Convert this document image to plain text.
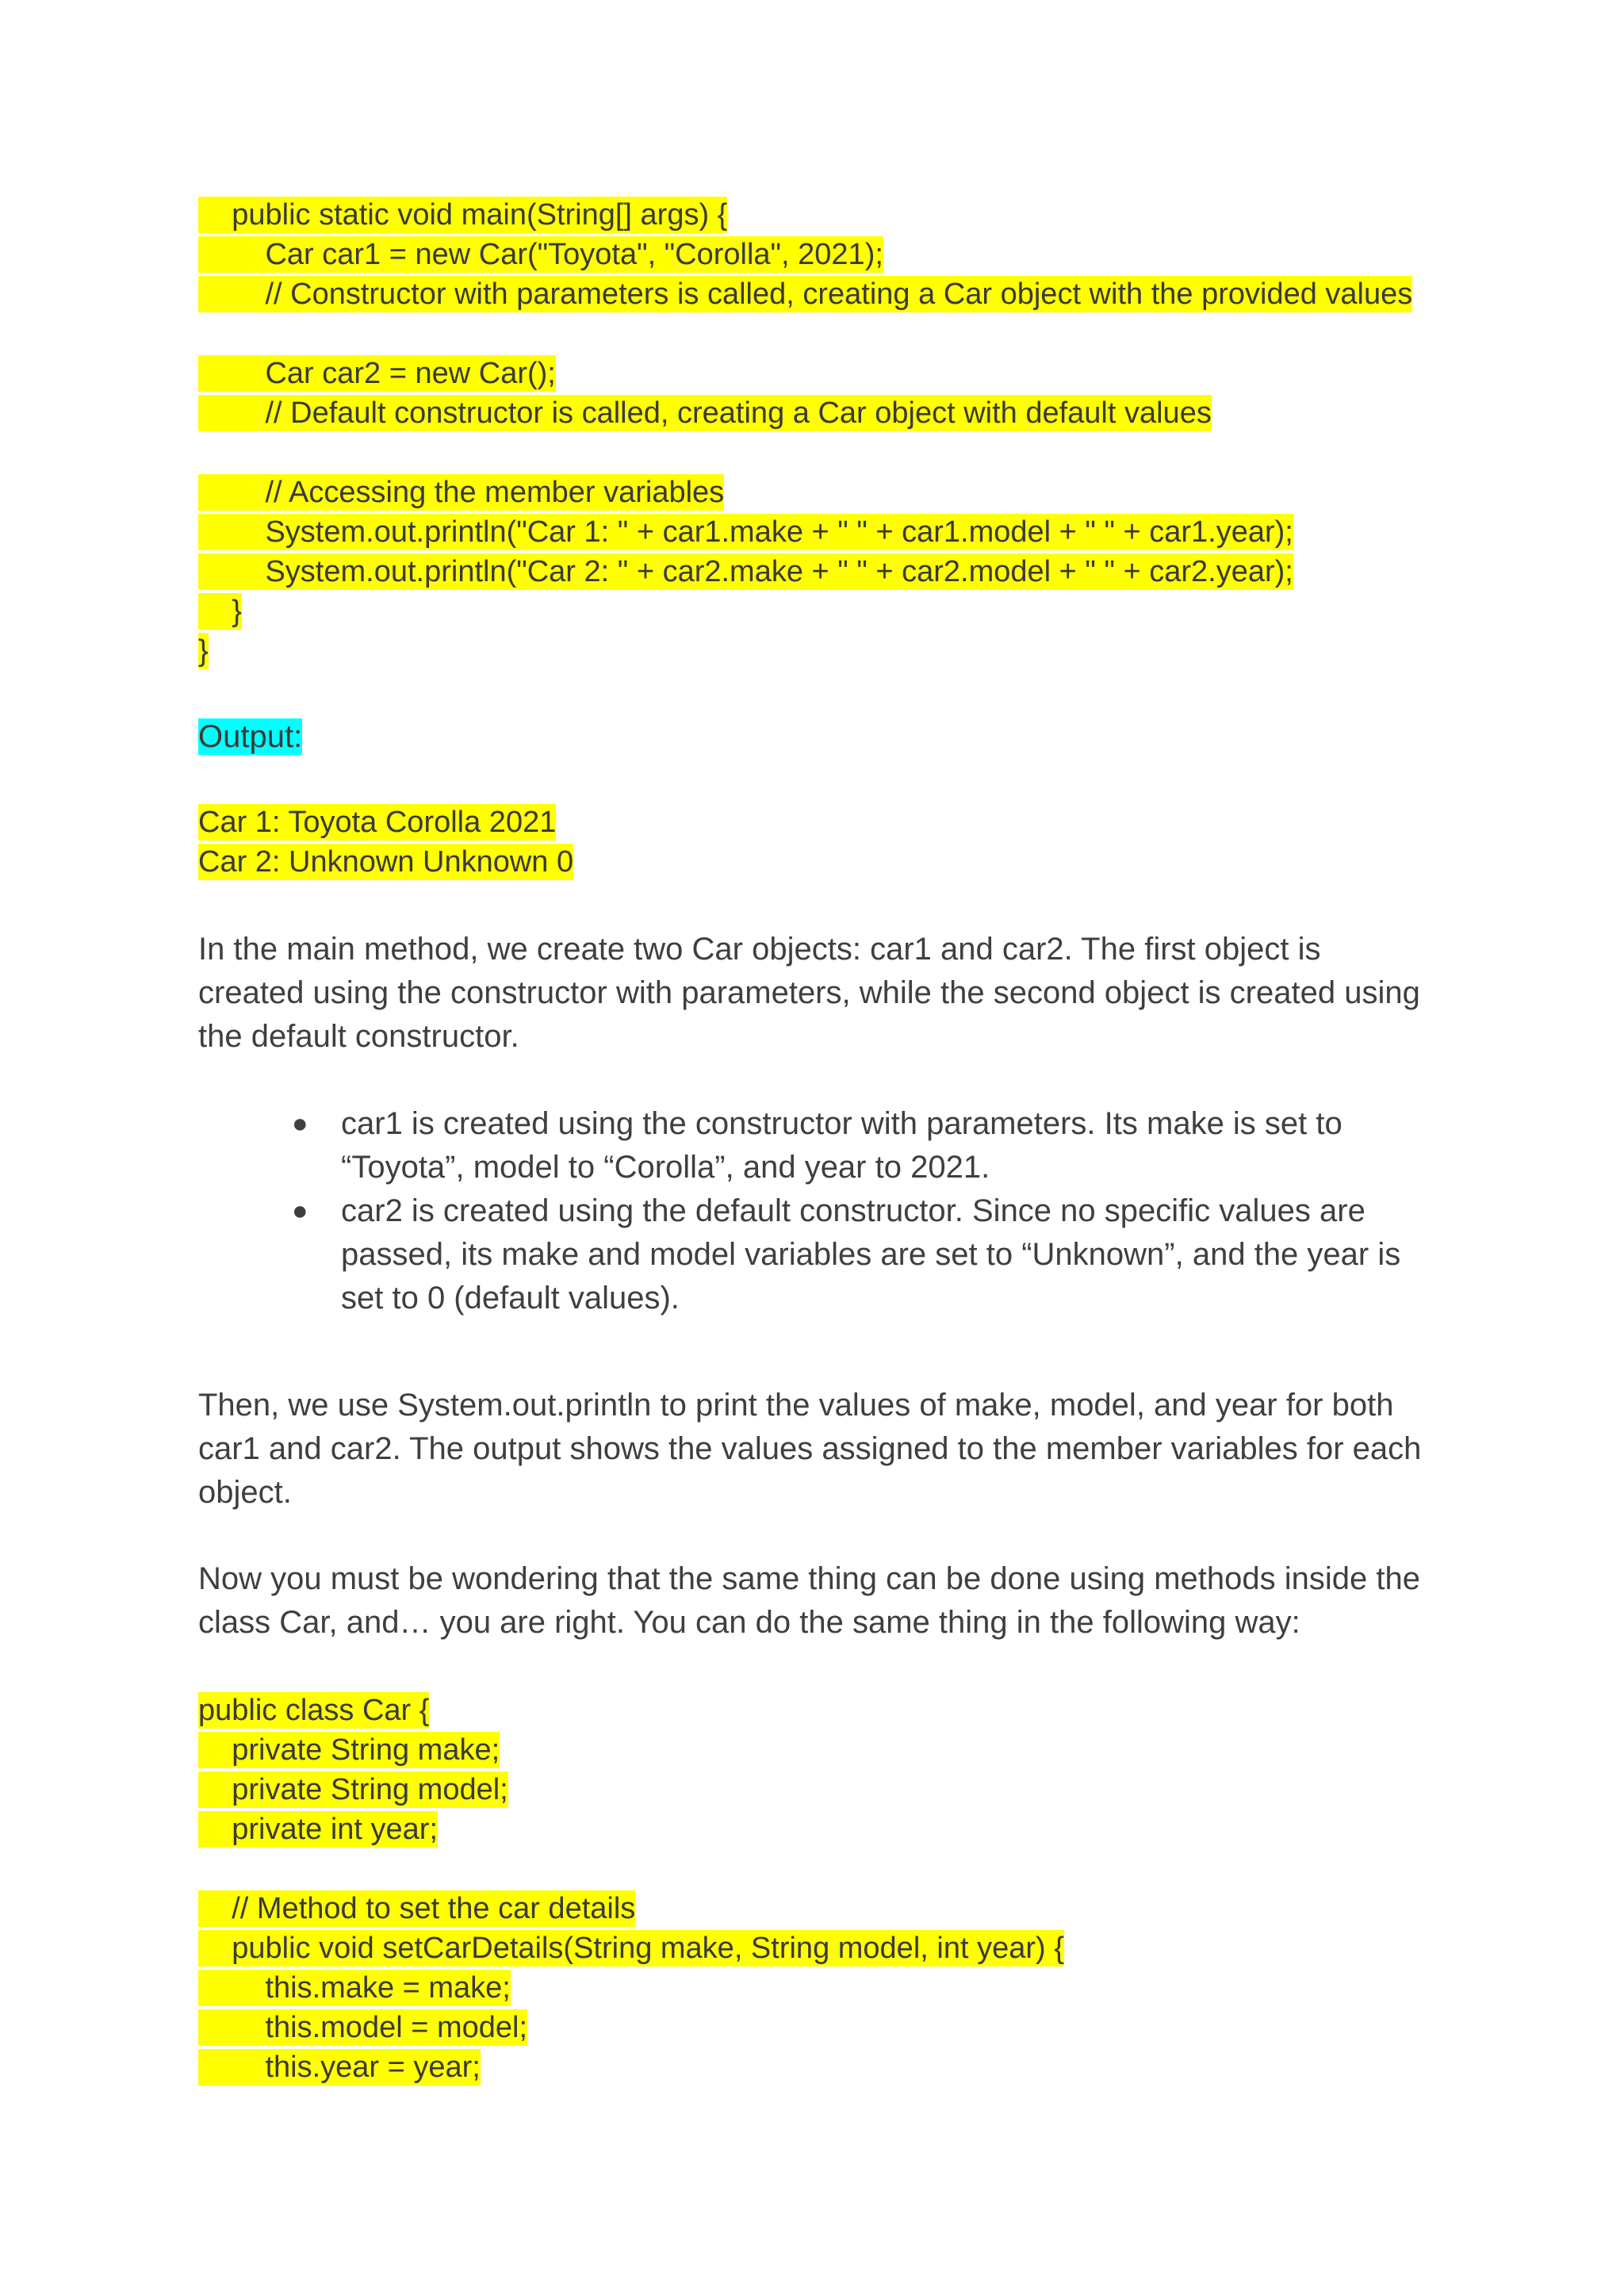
public static void main(String[] args) {
Car car1 = new Car("Toyota", "Corolla", 2021);
// Constructor with parameters is called, creating a Car object with the provided values
Car car2 = new Car();
// Default constructor is called, creating a Car object with default values
// Accessing the member variables
System.out.println("Car 1: " + car1.make + " " + car1.model + " " + car1.year);
System.out.println("Car 2: " + car2.make + " " + car2.model + " " + car2.year);
}
}
Output:
Car 1: Toyota Corolla 2021
Car 2: Unknown Unknown 0

In the main method, we create two Car objects: car1 and car2. The first object is created using the constructor with parameters, while the second object is created using the default constructor.

● car1 is created using the constructor with parameters. Its make is set to “Toyota”, model to “Corolla”, and year to 2021.
● car2 is created using the default constructor. Since no specific values are passed, its make and model variables are set to “Unknown”, and the year is set to 0 (default values).

Then, we use System.out.println to print the values of make, model, and year for both car1 and car2. The output shows the values assigned to the member variables for each object.

Now you must be wondering that the same thing can be done using methods inside the class Car, and… you are right. You can do the same thing in the following way:

public class Car {
private String make;
private String model;
private int year;
// Method to set the car details
public void setCarDetails(String make, String model, int year) {
this.make = make;
this.model = model;
this.year = year;
